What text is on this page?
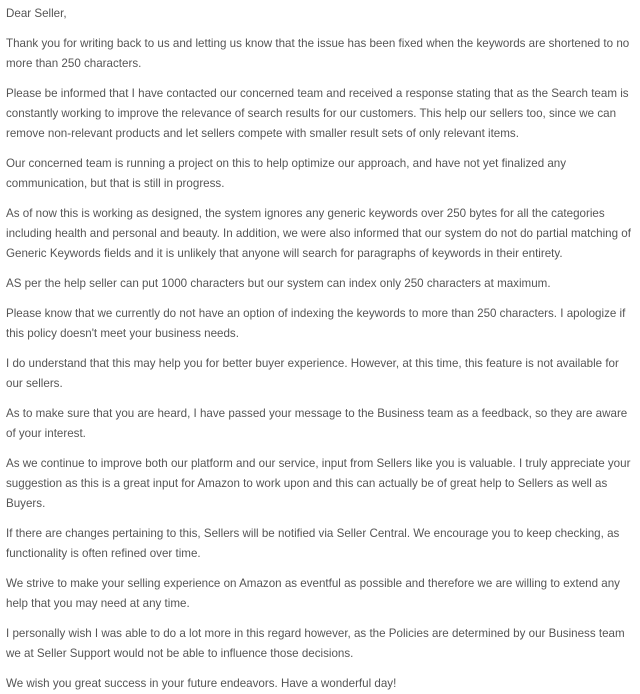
Dear Seller,

Thank you for writing back to us and letting us know that the issue has been fixed when the keywords are shortened to no more than 250 characters.

Please be informed that I have contacted our concerned team and received a response stating that as the Search team is constantly working to improve the relevance of search results for our customers. This help our sellers too, since we can remove non-relevant products and let sellers compete with smaller result sets of only relevant items.

Our concerned team is running a project on this to help optimize our approach, and have not yet finalized any communication, but that is still in progress.

As of now this is working as designed, the system ignores any generic keywords over 250 bytes for all the categories including health and personal and beauty. In addition, we were also informed that our system do not do partial matching of Generic Keywords fields and it is unlikely that anyone will search for paragraphs of keywords in their entirety.

AS per the help seller can put 1000 characters but our system can index only 250 characters at maximum.

Please know that we currently do not have an option of indexing the keywords to more than 250 characters. I apologize if this policy doesn't meet your business needs.

I do understand that this may help you for better buyer experience. However, at this time, this feature is not available for our sellers.

As to make sure that you are heard, I have passed your message to the Business team as a feedback, so they are aware of your interest.

As we continue to improve both our platform and our service, input from Sellers like you is valuable. I truly appreciate your suggestion as this is a great input for Amazon to work upon and this can actually be of great help to Sellers as well as Buyers.

If there are changes pertaining to this, Sellers will be notified via Seller Central. We encourage you to keep checking, as functionality is often refined over time.

We strive to make your selling experience on Amazon as eventful as possible and therefore we are willing to extend any help that you may need at any time.

I personally wish I was able to do a lot more in this regard however, as the Policies are determined by our Business team we at Seller Support would not be able to influence those decisions.

We wish you great success in your future endeavors. Have a wonderful day!
